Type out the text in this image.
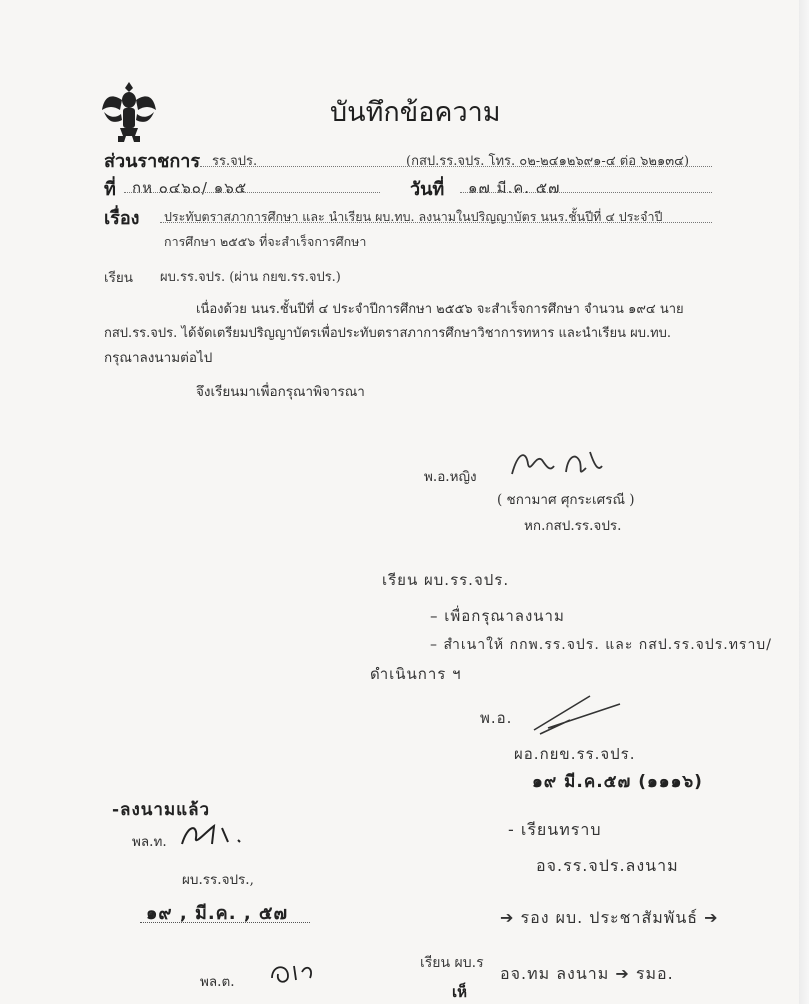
บันทึกข้อความ
ส่วนราชการ รร.จปร.	(กสป.รร.จปร. โทร. ๐๒-๒๔๑๒๖๙๑-๔ ต่อ ๖๒๑๓๔)
ที่ กห ๐๔๖๐/ ๑๖๕	วันที่ ๑๗ มี.ค. ๕๗
เรื่อง ประทับตราสภาการศึกษา และ นำเรียน ผบ.ทบ. ลงนามในปริญญาบัตร นนร.ชั้นปีที่ ๔ ประจำปี
การศึกษา ๒๕๕๖ ที่จะสำเร็จการศึกษา
เรียน ผบ.รร.จปร. (ผ่าน กยข.รร.จปร.)
เนื่องด้วย นนร.ชั้นปีที่ ๔ ประจำปีการศึกษา ๒๕๕๖ จะสำเร็จการศึกษา จำนวน ๑๙๔ นาย
กสป.รร.จปร. ได้จัดเตรียมปริญญาบัตรเพื่อประทับตราสภาการศึกษาวิชาการทหาร และนำเรียน ผบ.ทบ.
กรุณาลงนามต่อไป
จึงเรียนมาเพื่อกรุณาพิจารณา
พ.อ.หญิง
( ชกามาศ ศุกระเศรณี )
หก.กสป.รร.จปร.
เรียน ผบ.รร.จปร.
– เพื่อกรุณาลงนาม
– สำเนาให้ กกพ.รร.จปร. และ กสป.รร.จปร.ทราบ/
ดำเนินการ ฯ
พ.อ.
ผอ.กยข.รร.จปร.
๑๙ มี.ค.๕๗ (๑๑๑๖)
- เรียนทราบ
อจ.รร.จปร.ลงนาม
➔ รอง ผบ. ประชาสัมพันธ์ ➔
อจ.ทม ลงนาม ➔ รมอ.
-ลงนามแล้ว
พล.ท.
ผบ.รร.จปร.,
๑๙ , มี.ค. , ๕๗
พล.ต.
เรียน ผบ.ร
เห็
